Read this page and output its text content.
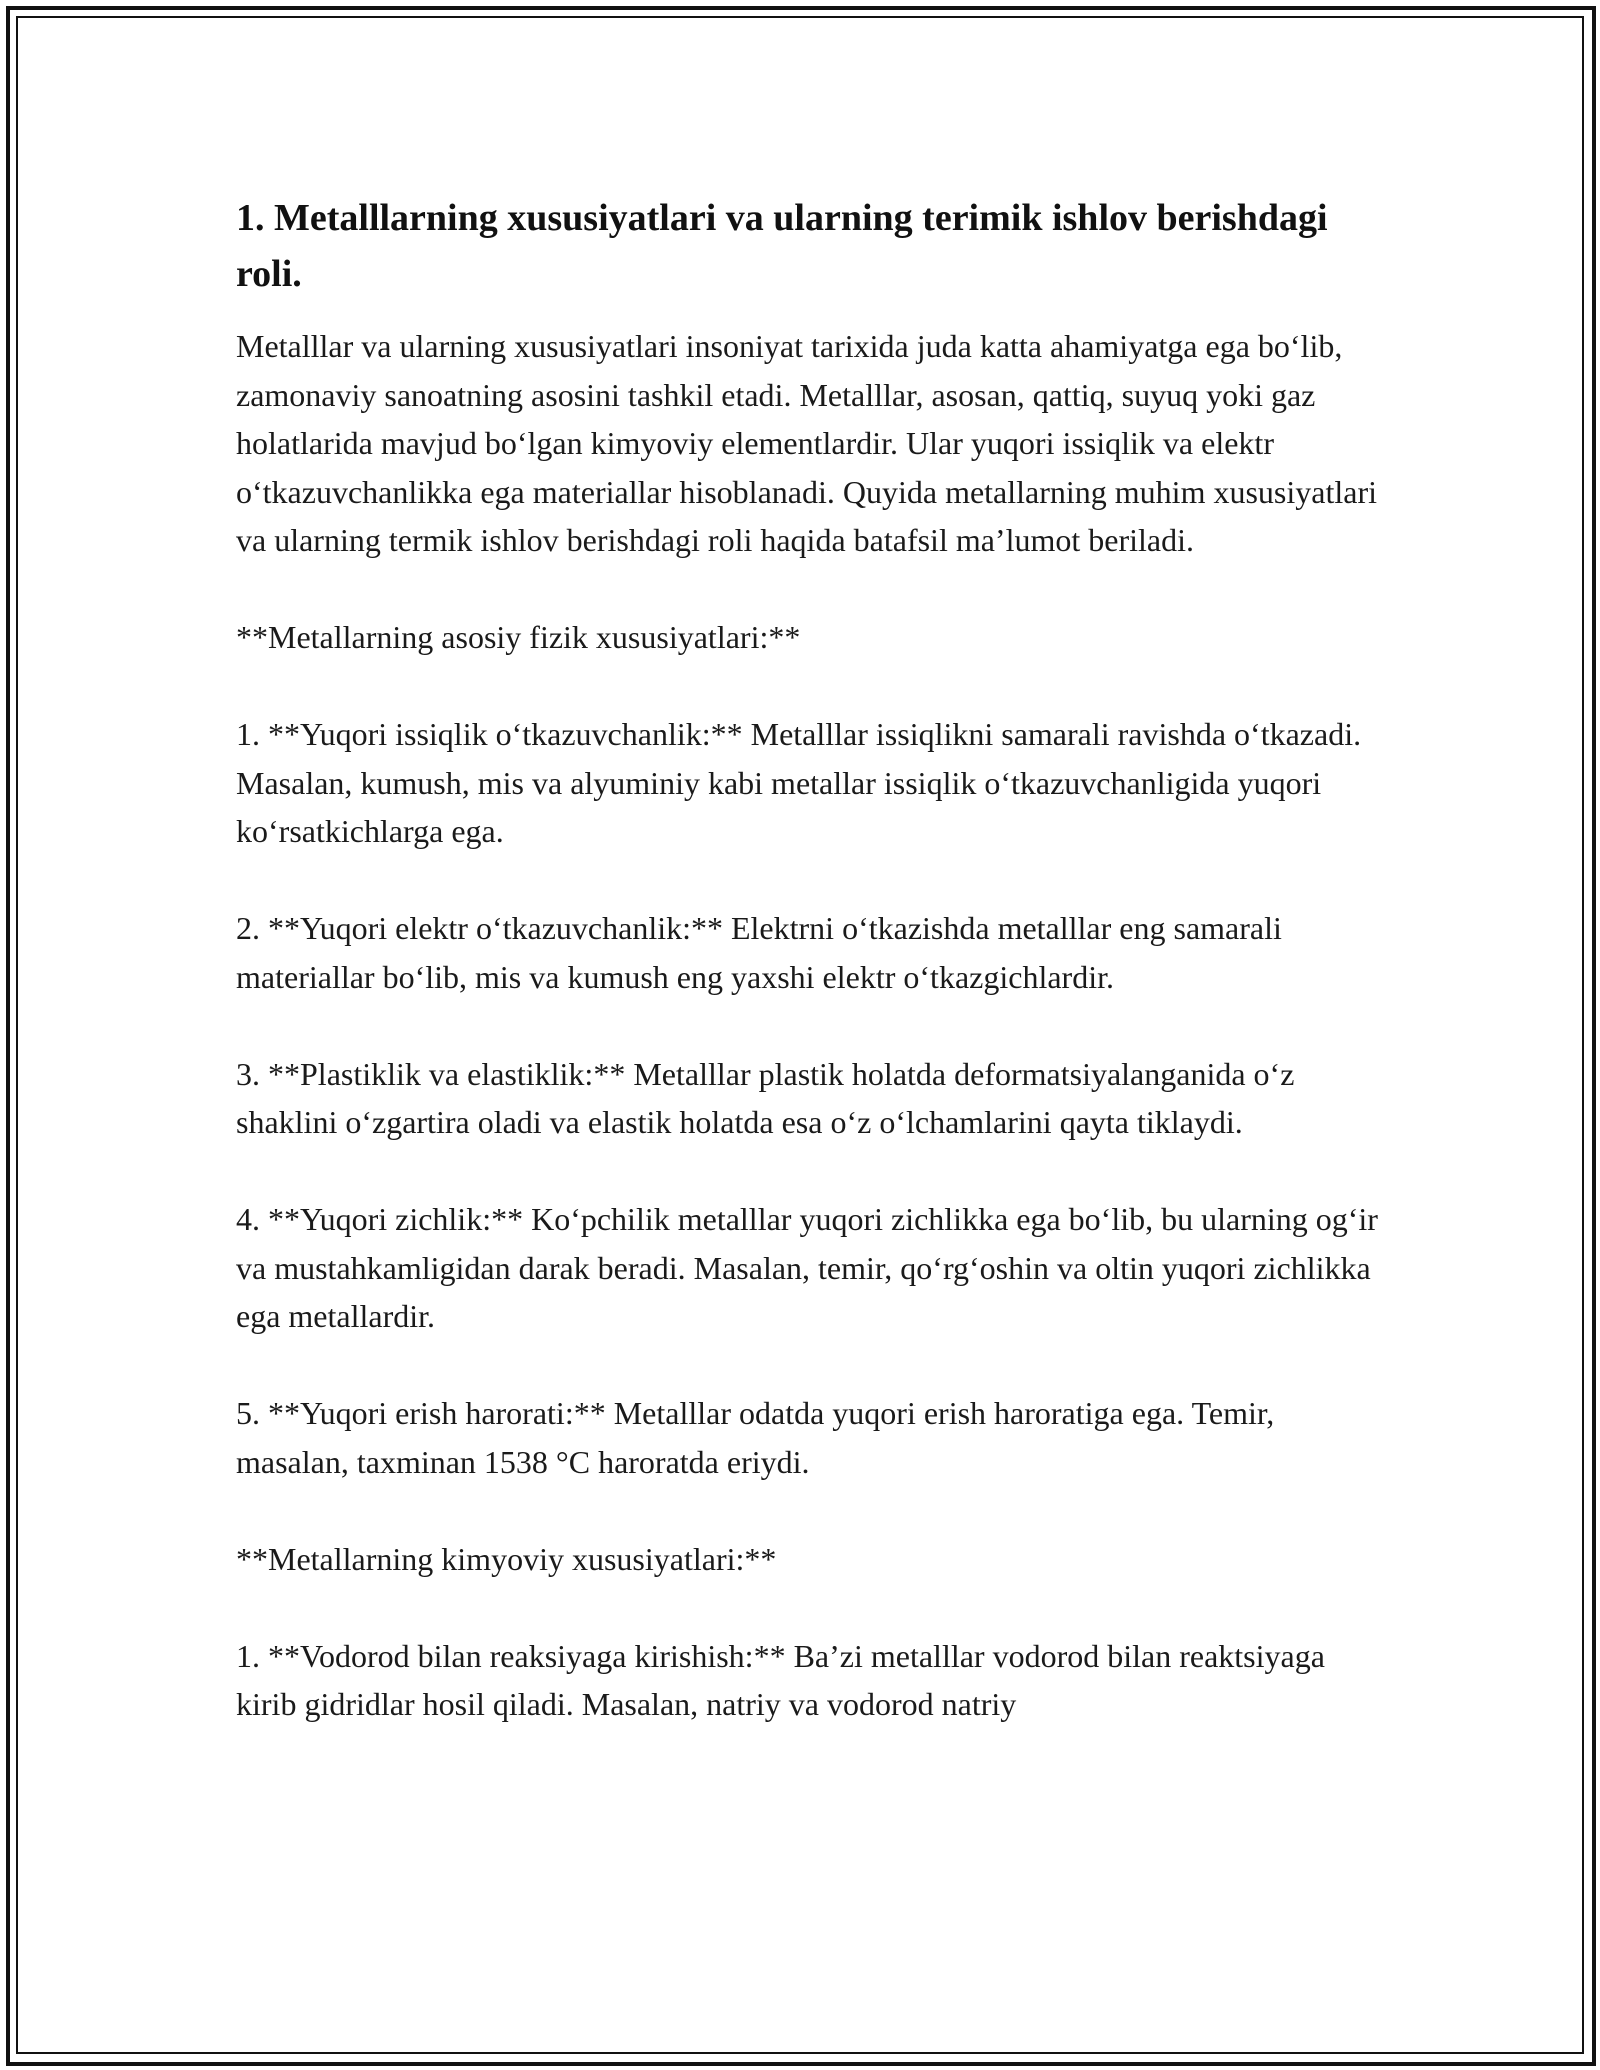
1. Metalllarning xususiyatlari va ularning terimik ishlov berishdagi roli.

Metalllar va ularning xususiyatlari insoniyat tarixida juda katta ahamiyatga ega bo‘lib, zamonaviy sanoatning asosini tashkil etadi. Metalllar, asosan, qattiq, suyuq yoki gaz holatlarida mavjud bo‘lgan kimyoviy elementlardir. Ular yuqori issiqlik va elektr o‘tkazuvchanlikka ega materiallar hisoblanadi. Quyida metallarning muhim xususiyatlari va ularning termik ishlov berishdagi roli haqida batafsil ma’lumot beriladi.

**Metallarning asosiy fizik xususiyatlari:**

1. **Yuqori issiqlik o‘tkazuvchanlik:** Metalllar issiqlikni samarali ravishda o‘tkazadi. Masalan, kumush, mis va alyuminiy kabi metallar issiqlik o‘tkazuvchanligida yuqori ko‘rsatkichlarga ega.

2. **Yuqori elektr o‘tkazuvchanlik:** Elektrni o‘tkazishda metalllar eng samarali materiallar bo‘lib, mis va kumush eng yaxshi elektr o‘tkazgichlardir.

3. **Plastiklik va elastiklik:** Metalllar plastik holatda deformatsiyalanganida o‘z shaklini o‘zgartira oladi va elastik holatda esa o‘z o‘lchamlarini qayta tiklaydi.

4. **Yuqori zichlik:** Ko‘pchilik metalllar yuqori zichlikka ega bo‘lib, bu ularning og‘ir va mustahkamligidan darak beradi. Masalan, temir, qo‘rg‘oshin va oltin yuqori zichlikka ega metallardir.

5. **Yuqori erish harorati:** Metalllar odatda yuqori erish haroratiga ega. Temir, masalan, taxminan 1538 °C haroratda eriydi.

**Metallarning kimyoviy xususiyatlari:**

1. **Vodorod bilan reaksiyaga kirishish:** Ba’zi metalllar vodorod bilan reaktsiyaga kirib gidridlar hosil qiladi. Masalan, natriy va vodorod natriy
